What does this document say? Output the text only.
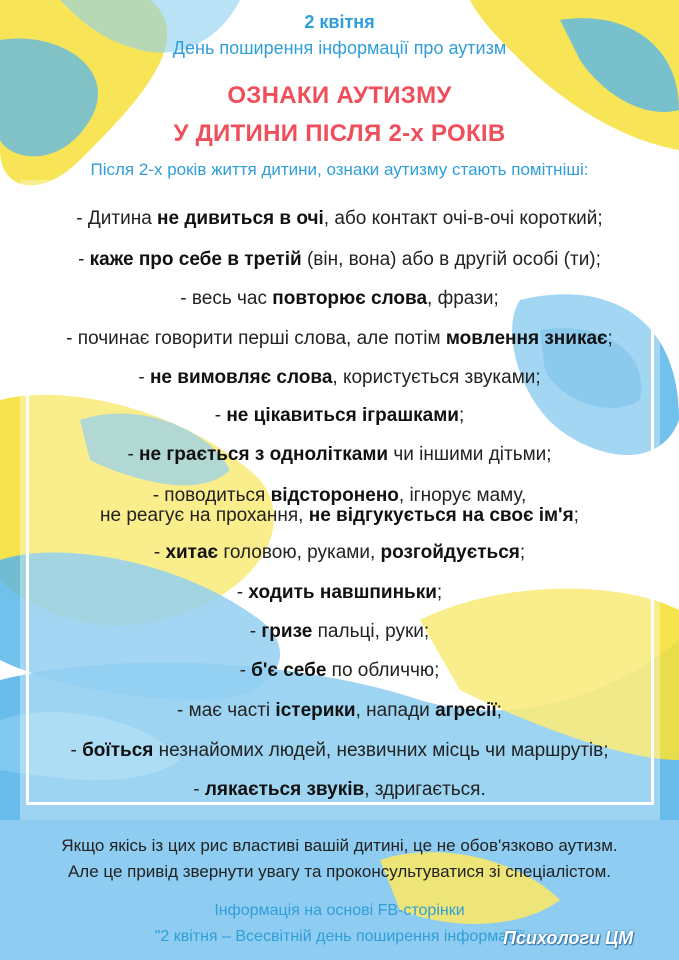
2 квітня
День поширення інформації про аутизм
ОЗНАКИ АУТИЗМУ
У ДИТИНИ ПІСЛЯ 2-х РОКІВ
Після 2-х років життя дитини, ознаки аутизму стають помітніші:
- Дитина не дивиться в очі, або контакт очі-в-очі короткий;
- каже про себе в третій (він, вона) або в другій особі (ти);
- весь час повторює слова, фрази;
- починає говорити перші слова, але потім мовлення зникає;
- не вимовляє слова, користується звуками;
- не цікавиться іграшками;
- не грається з однолітками чи іншими дітьми;
- поводиться відсторонено, ігнорує маму,
не реагує на прохання, не відгукується на своє ім'я;
- хитає головою, руками, розгойдується;
- ходить навшпиньки;
- гризе пальці, руки;
- б'є себе по обличчю;
- має часті істерики, напади агресії;
- боїться незнайомих людей, незвичних місць чи маршрутів;
- лякається звуків, здригається.
Якщо якісь із цих рис властиві вашій дитині, це не обов'язково аутизм.
Але це привід звернути увагу та проконсультуватися зі спеціалістом.
Інформація на основі FB-сторінки
"2 квітня – Всесвітній день поширення інформації
Психологи ЦМ
